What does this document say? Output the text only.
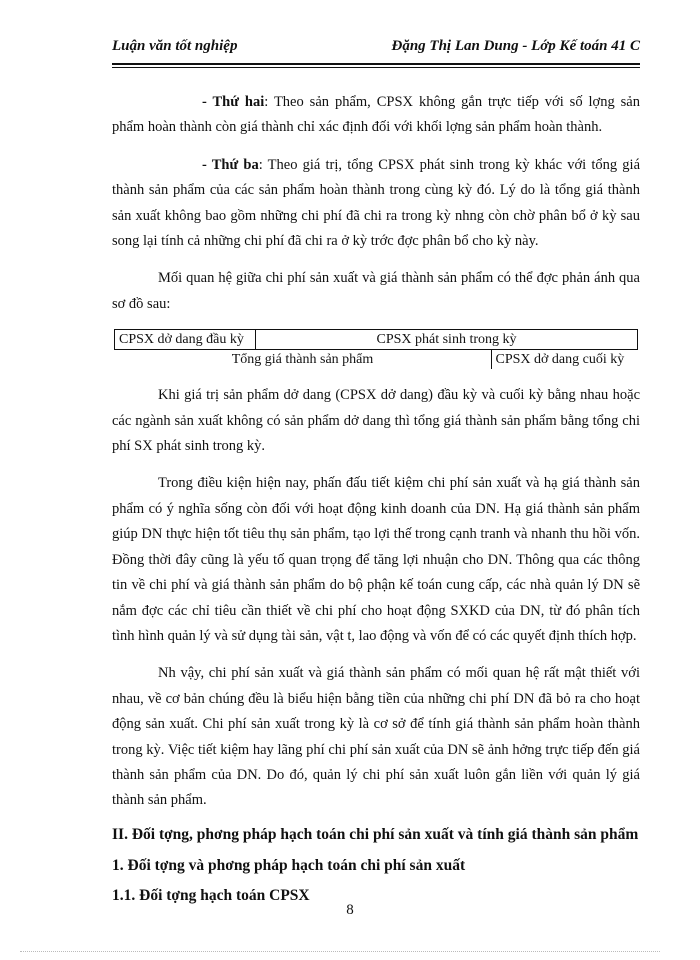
Luận văn tốt nghiệp	Đặng Thị Lan Dung - Lớp Kế toán 41 C

- Thứ hai: Theo sản phẩm, CPSX không gắn trực tiếp với số lợng sản phẩm hoàn thành còn giá thành chỉ xác định đối với khối lợng sản phẩm hoàn thành.

- Thứ ba: Theo giá trị, tổng CPSX phát sinh trong kỳ khác với tổng giá thành sản phẩm của các sản phẩm hoàn thành trong cùng kỳ đó. Lý do là tổng giá thành sản xuất không bao gồm những chi phí đã chi ra trong kỳ nhng còn chờ phân bổ ở kỳ sau song lại tính cả những chi phí đã chi ra ở kỳ trớc đợc phân bổ cho kỳ này.

Mối quan hệ giữa chi phí sản xuất và giá thành sản phẩm có thể đợc phản ánh qua sơ đồ sau:

CPSX dở dang đầu kỳ	CPSX phát sinh trong kỳ

Tổng giá thành sản phẩm	CPSX dở dang cuối kỳ

Khi giá trị sản phẩm dở dang (CPSX dở dang) đầu kỳ và cuối kỳ bằng nhau hoặc các ngành sản xuất không có sản phẩm dở dang thì tổng giá thành sản phẩm bằng tổng chi phí SX phát sinh trong kỳ.

Trong điều kiện hiện nay, phấn đấu tiết kiệm chi phí sản xuất và hạ giá thành sản phẩm có ý nghĩa sống còn đối với hoạt động kinh doanh của DN. Hạ giá thành sản phẩm giúp DN thực hiện tốt tiêu thụ sản phẩm, tạo lợi thế trong cạnh tranh và nhanh thu hồi vốn. Đồng thời đây cũng là yếu tố quan trọng để tăng lợi nhuận cho DN. Thông qua các thông tin về chi phí và giá thành sản phẩm do bộ phận kế toán cung cấp, các nhà quản lý DN sẽ nắm đợc các chỉ tiêu cần thiết về chi phí cho hoạt động SXKD của DN, từ đó phân tích tình hình quản lý và sử dụng tài sản, vật t, lao động và vốn để có các quyết định thích hợp.

Nh vậy, chi phí sản xuất và giá thành sản phẩm có mối quan hệ rất mật thiết với nhau, về cơ bản chúng đều là biểu hiện bằng tiền của những chi phí DN đã bỏ ra cho hoạt động sản xuất. Chi phí sản xuất trong kỳ là cơ sở để tính giá thành sản phẩm hoàn thành trong kỳ. Việc tiết kiệm hay lãng phí chi phí sản xuất của DN sẽ ảnh hởng trực tiếp đến giá thành sản phẩm của DN. Do đó, quản lý chi phí sản xuất luôn gắn liền với quản lý giá thành sản phẩm.

II. Đối tợng, phơng pháp hạch toán chi phí sản xuất và tính giá thành sản phẩm
1. Đối tợng và phơng pháp hạch toán chi phí sản xuất
1.1. Đối tợng hạch toán CPSX
8
